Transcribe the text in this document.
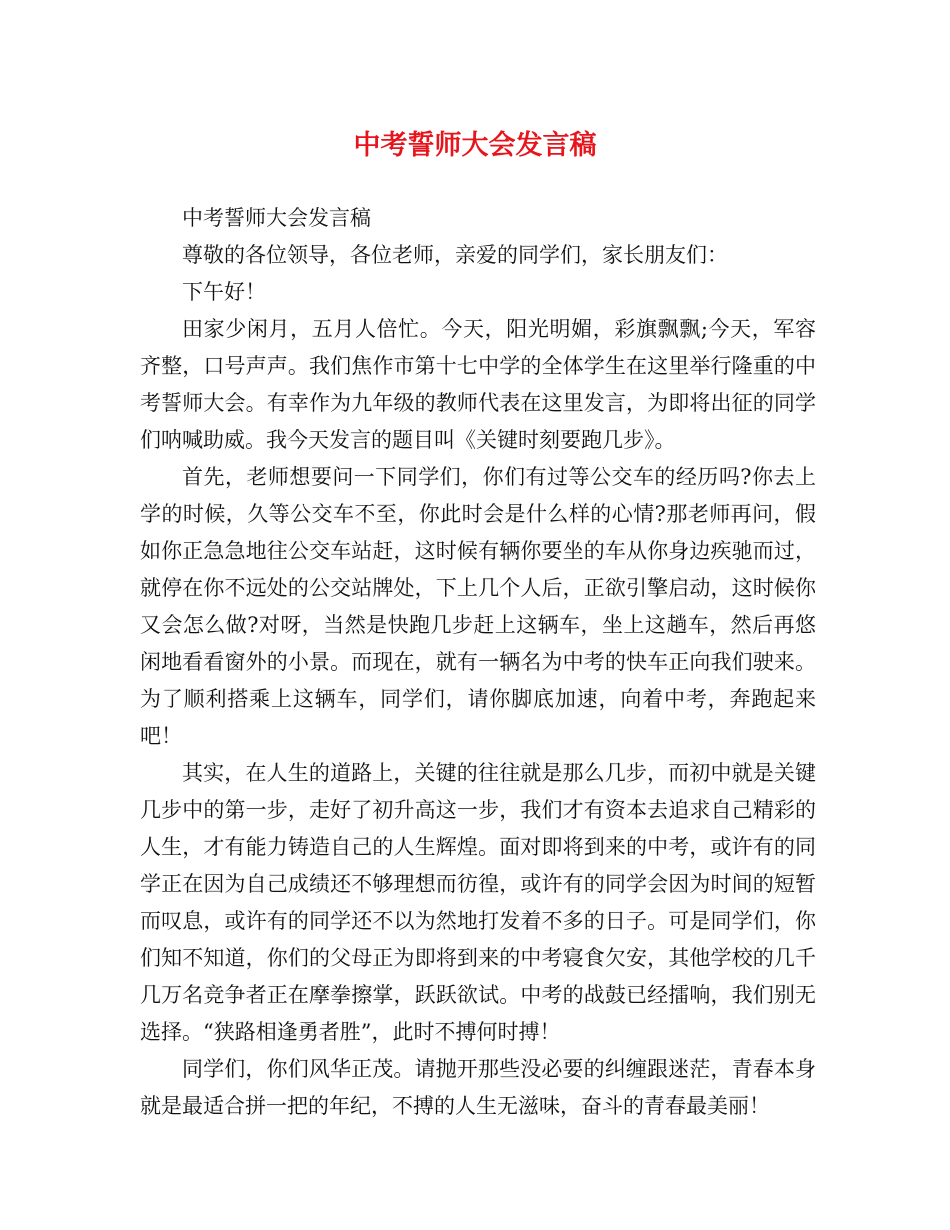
中考誓师大会发言稿

中考誓师大会发言稿

尊敬的各位领导，各位老师，亲爱的同学们，家长朋友们：

下午好！

田家少闲月，五月人倍忙。今天，阳光明媚，彩旗飘飘;今天，军容齐整，口号声声。我们焦作市第十七中学的全体学生在这里举行隆重的中考誓师大会。有幸作为九年级的教师代表在这里发言，为即将出征的同学们呐喊助威。我今天发言的题目叫《关键时刻要跑几步》。

首先，老师想要问一下同学们，你们有过等公交车的经历吗?你去上学的时候，久等公交车不至，你此时会是什么样的心情?那老师再问，假如你正急急地往公交车站赶，这时候有辆你要坐的车从你身边疾驰而过，就停在你不远处的公交站牌处，下上几个人后，正欲引擎启动，这时候你又会怎么做?对呀，当然是快跑几步赶上这辆车，坐上这趟车，然后再悠闲地看看窗外的小景。而现在，就有一辆名为中考的快车正向我们驶来。为了顺利搭乘上这辆车，同学们，请你脚底加速，向着中考，奔跑起来吧！

其实，在人生的道路上，关键的往往就是那么几步，而初中就是关键几步中的第一步，走好了初升高这一步，我们才有资本去追求自己精彩的人生，才有能力铸造自己的人生辉煌。面对即将到来的中考，或许有的同学正在因为自己成绩还不够理想而彷徨，或许有的同学会因为时间的短暂而叹息，或许有的同学还不以为然地打发着不多的日子。可是同学们，你们知不知道，你们的父母正为即将到来的中考寝食欠安，其他学校的几千几万名竞争者正在摩拳擦掌，跃跃欲试。中考的战鼓已经擂响，我们别无选择。“狭路相逢勇者胜”，此时不搏何时搏！

同学们，你们风华正茂。请抛开那些没必要的纠缠跟迷茫，青春本身就是最适合拼一把的年纪，不搏的人生无滋味，奋斗的青春最美丽！
